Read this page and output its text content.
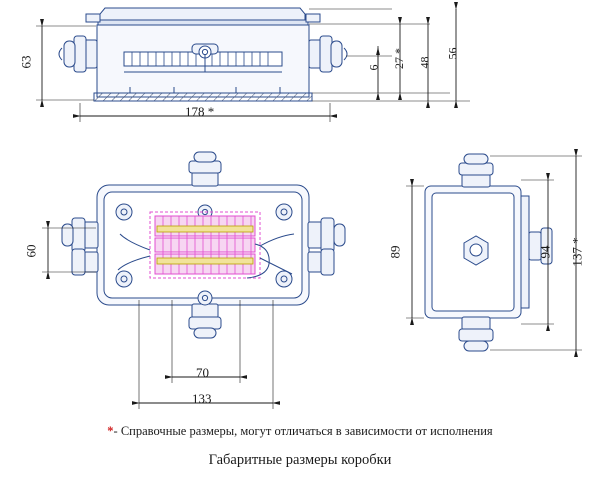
63
178 *
6 27 * 48
56
60
70
133
89	94 137 *
*- Справочные размеры, могут отличаться в зависимости от исполнения
Габаритные размеры коробки
